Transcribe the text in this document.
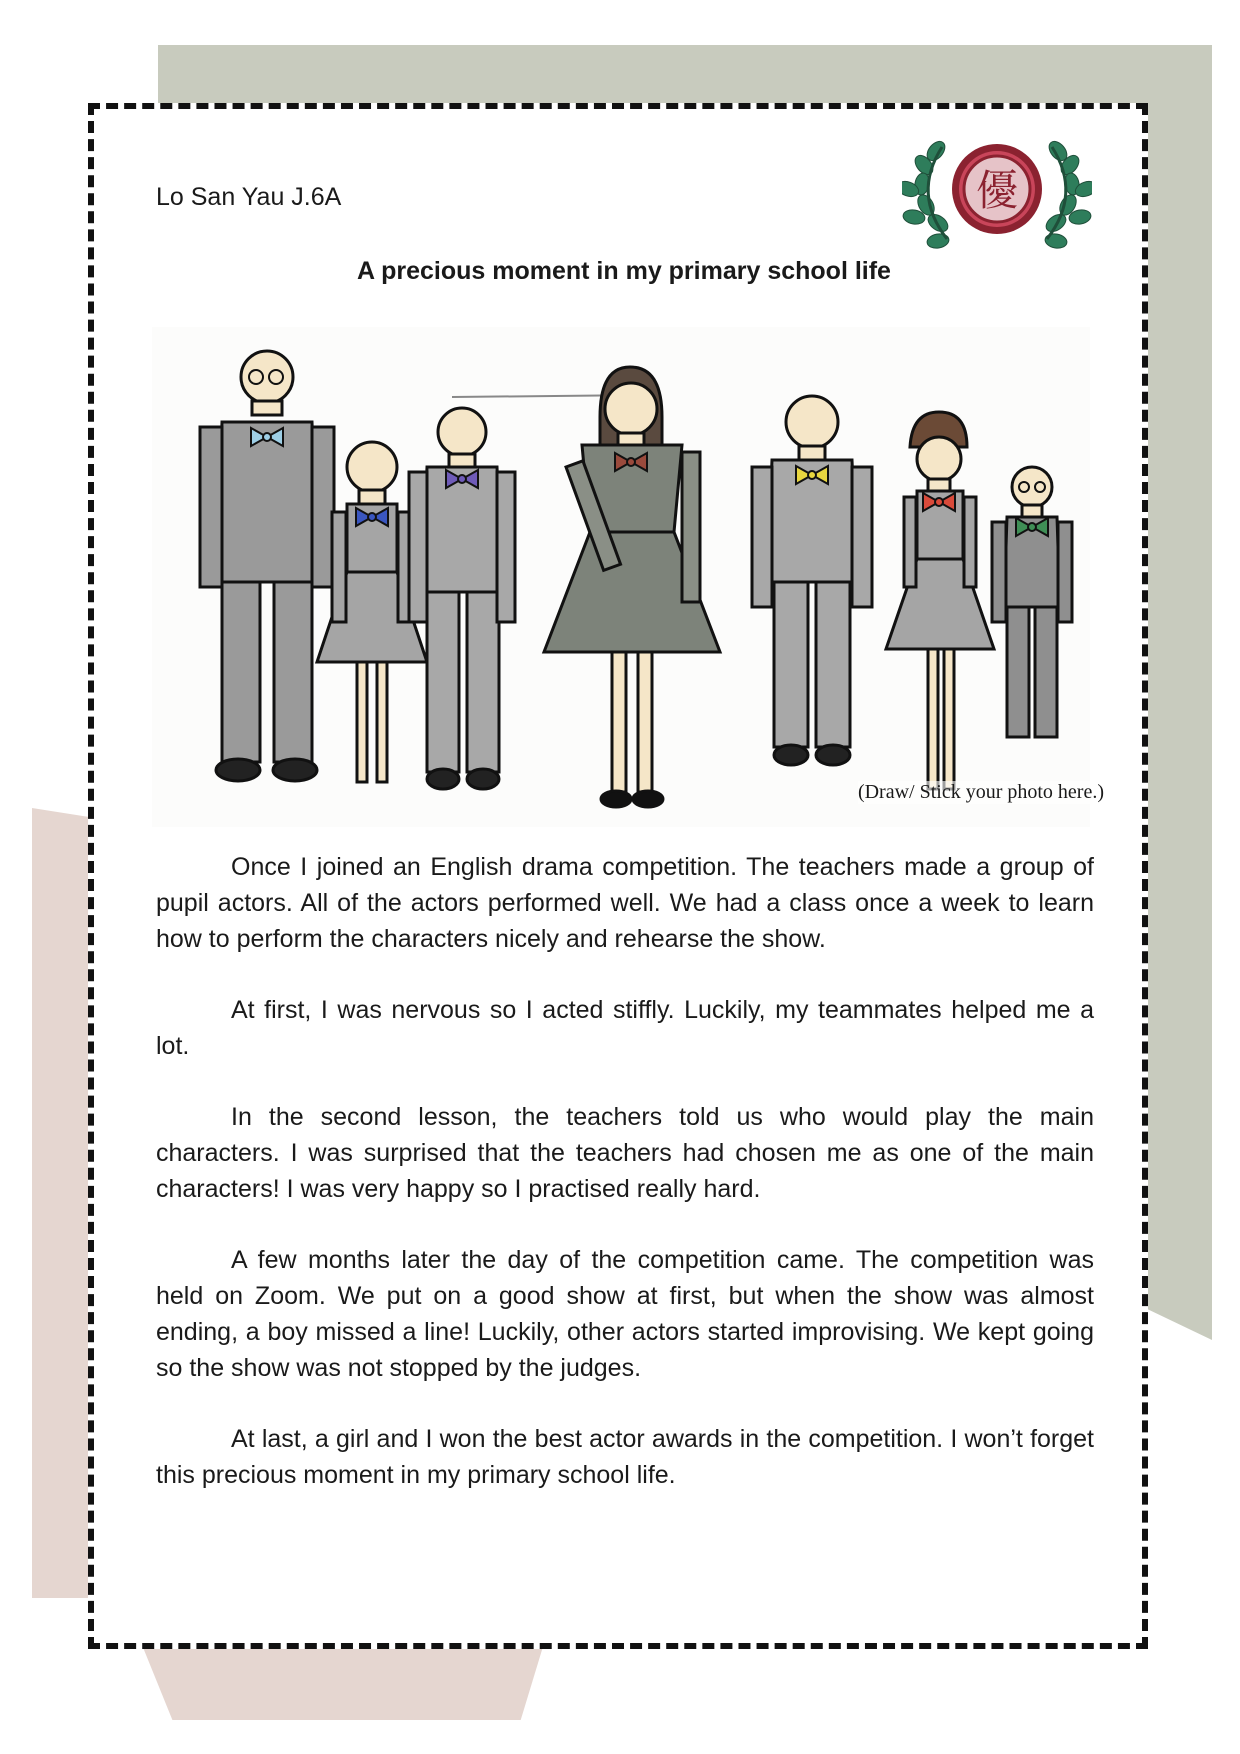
Lo San Yau J.6A
A precious moment in my primary school life
優

(Draw/ Stick your photo here.)

Once I joined an English drama competition. The teachers made a group of pupil actors. All of the actors performed well. We had a class once a week to learn how to perform the characters nicely and rehearse the show.

At first, I was nervous so I acted stiffly. Luckily, my teammates helped me a lot.

In the second lesson, the teachers told us who would play the main characters. I was surprised that the teachers had chosen me as one of the main characters! I was very happy so I practised really hard.

A few months later the day of the competition came. The competition was held on Zoom. We put on a good show at first, but when the show was almost ending, a boy missed a line! Luckily, other actors started improvising. We kept going so the show was not stopped by the judges.

At last, a girl and I won the best actor awards in the competition. I won’t forget this precious moment in my primary school life.
